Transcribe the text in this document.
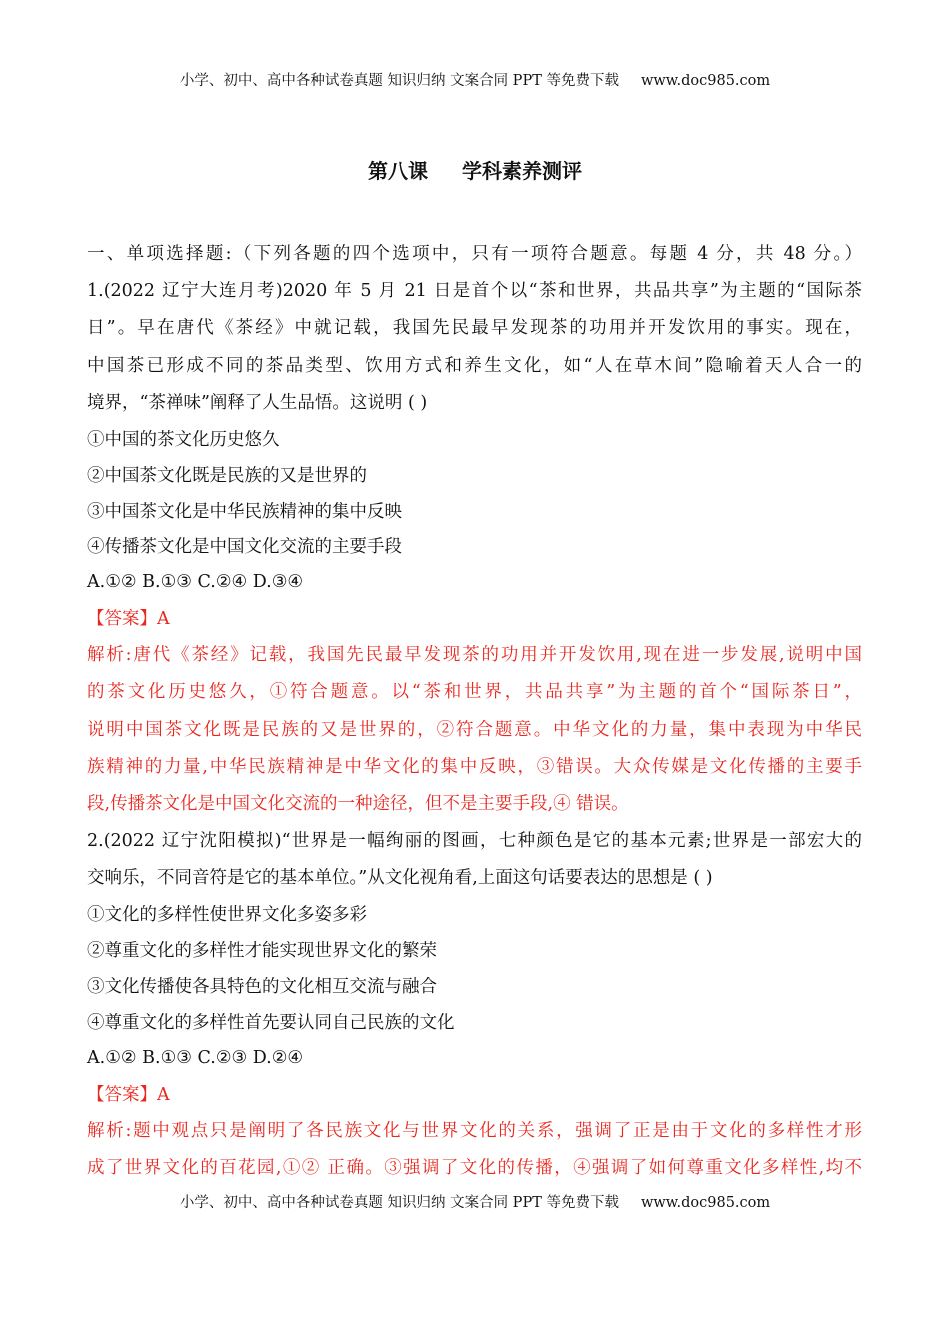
小学、初中、高中各种试卷真题 知识归纳 文案合同 PPT 等免费下载 www.doc985.com
第八课 学科素养测评
一、单项选择题:（下列各题的四个选项中，只有一项符合题意。每题 4 分，共 48 分。）
1.(2022 辽宁大连月考)2020 年 5 月 21 日是首个以“茶和世界，共品共享”为主题的“国际茶
日”。早在唐代《茶经》中就记载，我国先民最早发现茶的功用并开发饮用的事实。现在，
中国茶已形成不同的茶品类型、饮用方式和养生文化，如“人在草木间”隐喻着天人合一的
境界，“茶禅味”阐释了人生品悟。这说明 ( )
①中国的茶文化历史悠久
②中国茶文化既是民族的又是世界的
③中国茶文化是中华民族精神的集中反映
④传播茶文化是中国文化交流的主要手段
A.①② B.①③ C.②④ D.③④
【答案】A
解析:唐代《茶经》记载，我国先民最早发现茶的功用并开发饮用,现在进一步发展,说明中国
的茶文化历史悠久，①符合题意。以“茶和世界，共品共享”为主题的首个“国际茶日”，
说明中国茶文化既是民族的又是世界的，②符合题意。中华文化的力量，集中表现为中华民
族精神的力量,中华民族精神是中华文化的集中反映，③错误。大众传媒是文化传播的主要手
段,传播茶文化是中国文化交流的一种途径，但不是主要手段,④ 错误。
2.(2022 辽宁沈阳模拟)“世界是一幅绚丽的图画，七种颜色是它的基本元素;世界是一部宏大的
交响乐，不同音符是它的基本单位。”从文化视角看,上面这句话要表达的思想是 ( )
①文化的多样性使世界文化多姿多彩
②尊重文化的多样性才能实现世界文化的繁荣
③文化传播使各具特色的文化相互交流与融合
④尊重文化的多样性首先要认同自己民族的文化
A.①② B.①③ C.②③ D.②④
【答案】A
解析:题中观点只是阐明了各民族文化与世界文化的关系，强调了正是由于文化的多样性才形
成了世界文化的百花园,①② 正确。③强调了文化的传播，④强调了如何尊重文化多样性,均不
小学、初中、高中各种试卷真题 知识归纳 文案合同 PPT 等免费下载 www.doc985.com
